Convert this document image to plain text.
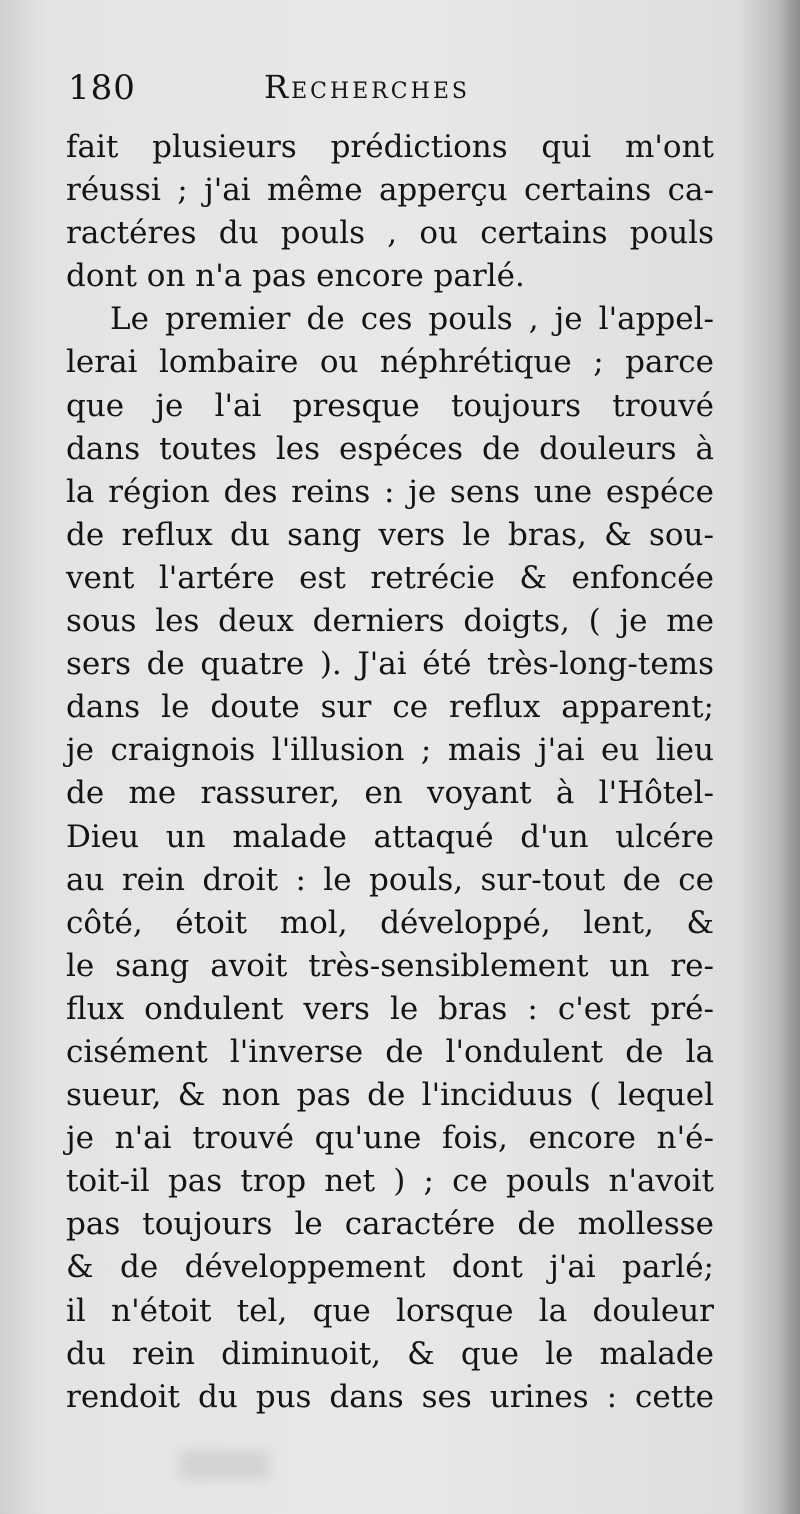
180	Recherches
fait plusieurs prédictions qui m'ont
réussi ; j'ai même apperçu certains ca-
ractéres du pouls , ou certains pouls
dont on n'a pas encore parlé.
Le premier de ces pouls , je l'appel-
lerai lombaire ou néphrétique ; parce
que je l'ai presque toujours trouvé
dans toutes les espéces de douleurs à
la région des reins : je sens une espéce
de reflux du sang vers le bras, & sou-
vent l'artére est retrécie & enfoncée
sous les deux derniers doigts, ( je me
sers de quatre ). J'ai été très-long-tems
dans le doute sur ce reflux apparent;
je craignois l'illusion ; mais j'ai eu lieu
de me rassurer, en voyant à l'Hôtel-
Dieu un malade attaqué d'un ulcére
au rein droit : le pouls, sur-tout de ce
côté, étoit mol, développé, lent, &
le sang avoit très-sensiblement un re-
flux ondulent vers le bras : c'est pré-
cisément l'inverse de l'ondulent de la
sueur, & non pas de l'inciduus ( lequel
je n'ai trouvé qu'une fois, encore n'é-
toit-il pas trop net ) ; ce pouls n'avoit
pas toujours le caractére de mollesse
& de développement dont j'ai parlé;
il n'étoit tel, que lorsque la douleur
du rein diminuoit, & que le malade
rendoit du pus dans ses urines : cette
